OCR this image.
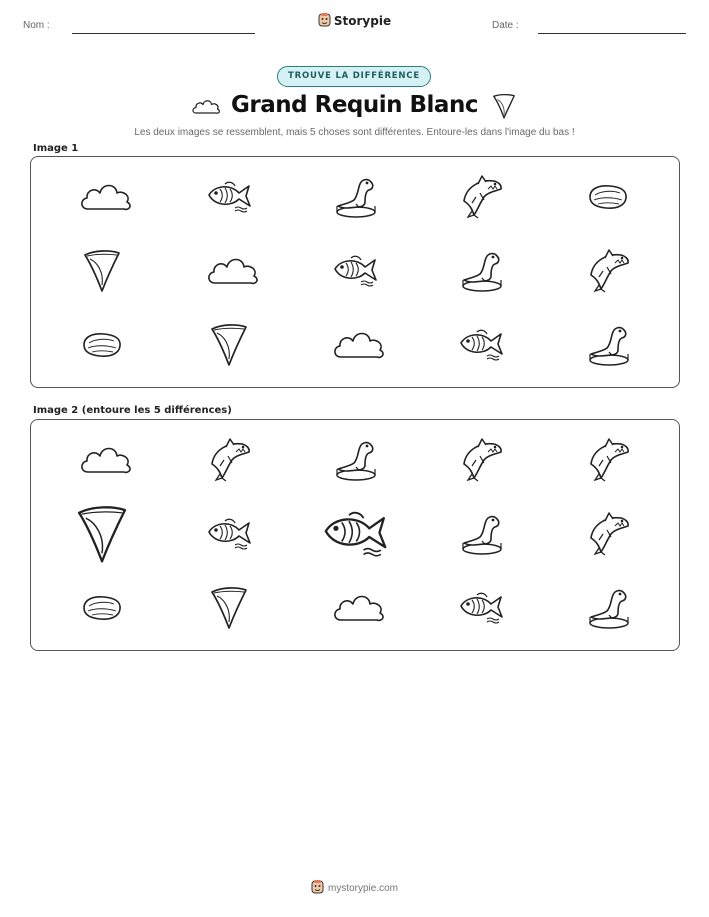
Nom :	Storypie	Date :
TROUVE LA DIFFÉRENCE
Grand Requin Blanc
Les deux images se ressemblent, mais 5 choses sont différentes. Entoure-les dans l'image du bas !
Image 1
Image 2 (entoure les 5 différences)
mystorypie.com
